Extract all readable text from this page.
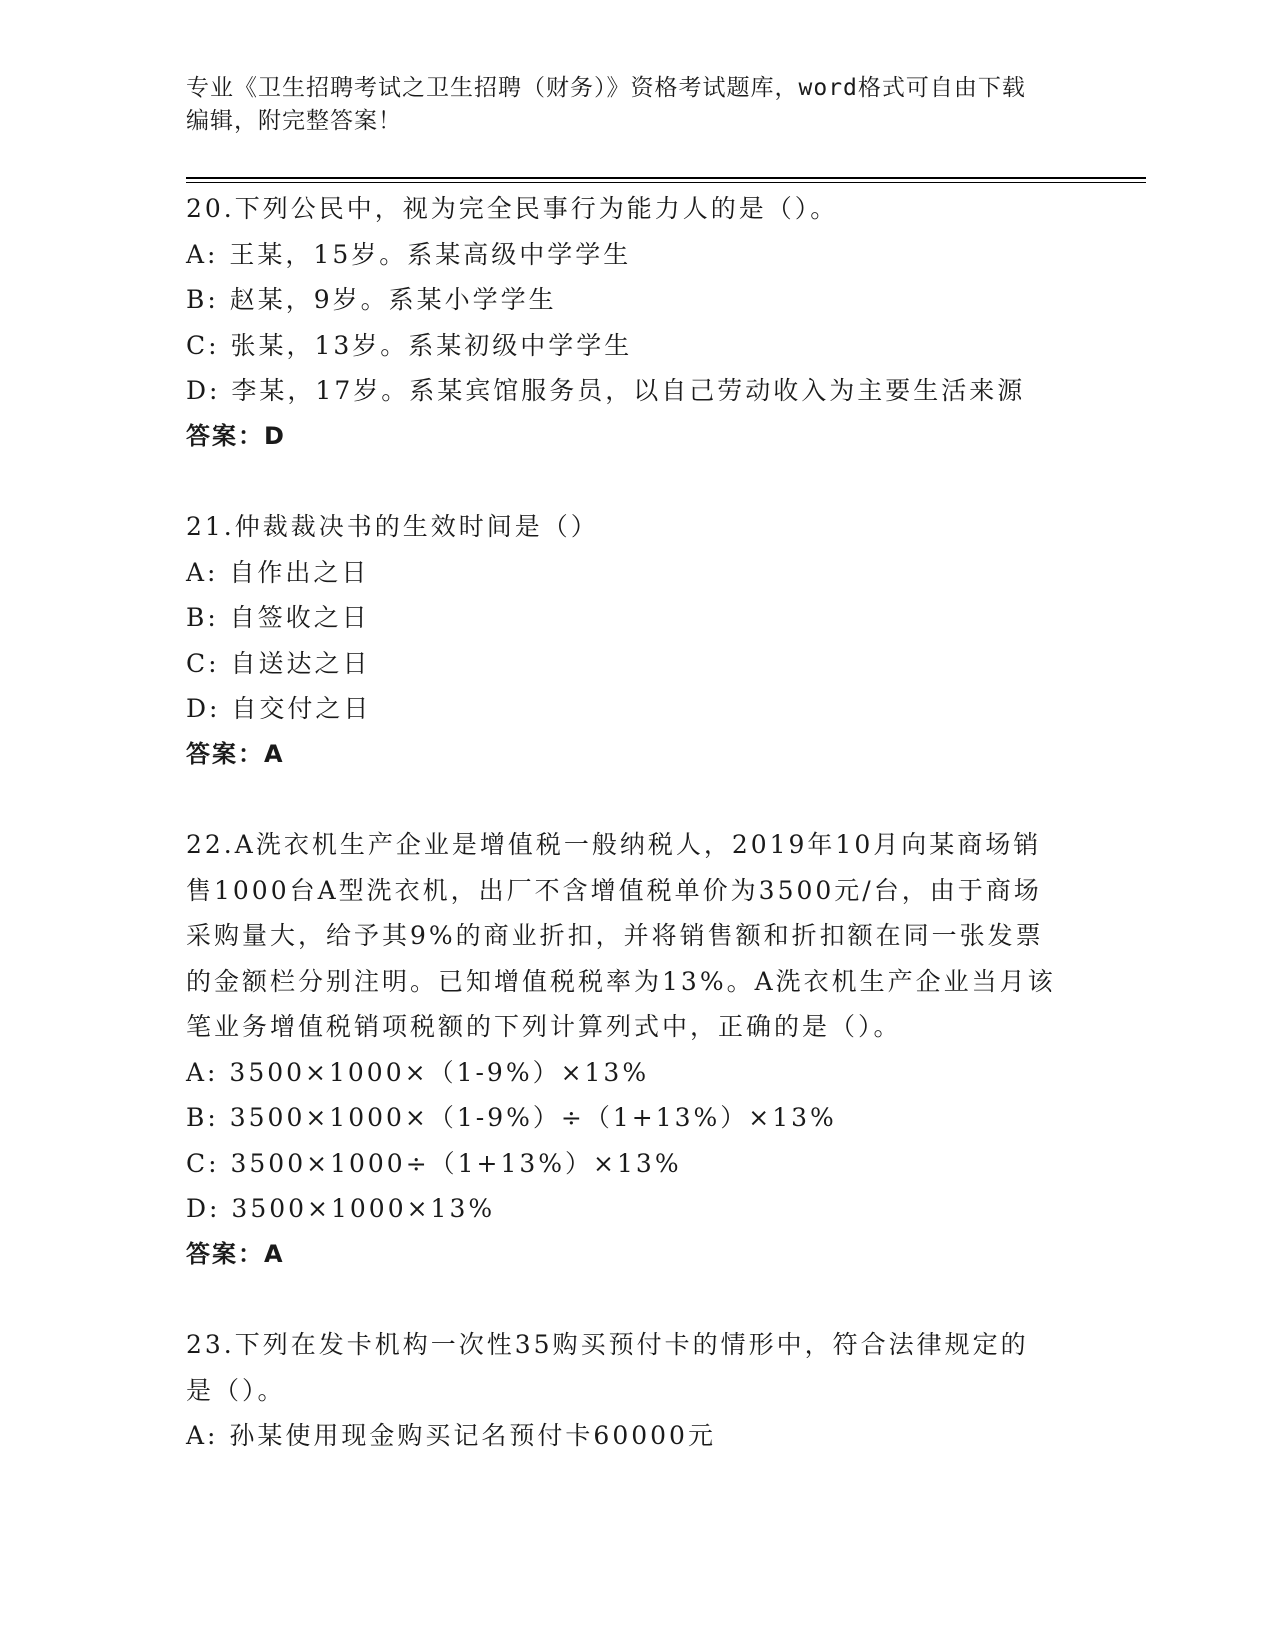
专业《卫生招聘考试之卫生招聘（财务）》资格考试题库，word格式可自由下载
编辑，附完整答案！
20.下列公民中，视为完全民事行为能力人的是（）。
A: 王某，15岁。系某高级中学学生
B: 赵某，9岁。系某小学学生
C: 张某，13岁。系某初级中学学生
D: 李某，17岁。系某宾馆服务员，以自己劳动收入为主要生活来源
答案：D
21.仲裁裁决书的生效时间是（）
A: 自作出之日
B: 自签收之日
C: 自送达之日
D: 自交付之日
答案：A
22.A洗衣机生产企业是增值税一般纳税人，2019年10月向某商场销
售1000台A型洗衣机，出厂不含增值税单价为3500元/台，由于商场
采购量大，给予其9%的商业折扣，并将销售额和折扣额在同一张发票
的金额栏分别注明。已知增值税税率为13%。A洗衣机生产企业当月该
笔业务增值税销项税额的下列计算列式中，正确的是（）。
A: 3500×1000×（1-9%）×13%
B: 3500×1000×（1-9%）÷（1+13%）×13%
C: 3500×1000÷（1+13%）×13%
D: 3500×1000×13%
答案：A
23.下列在发卡机构一次性35购买预付卡的情形中，符合法律规定的
是（）。
A: 孙某使用现金购买记名预付卡60000元
